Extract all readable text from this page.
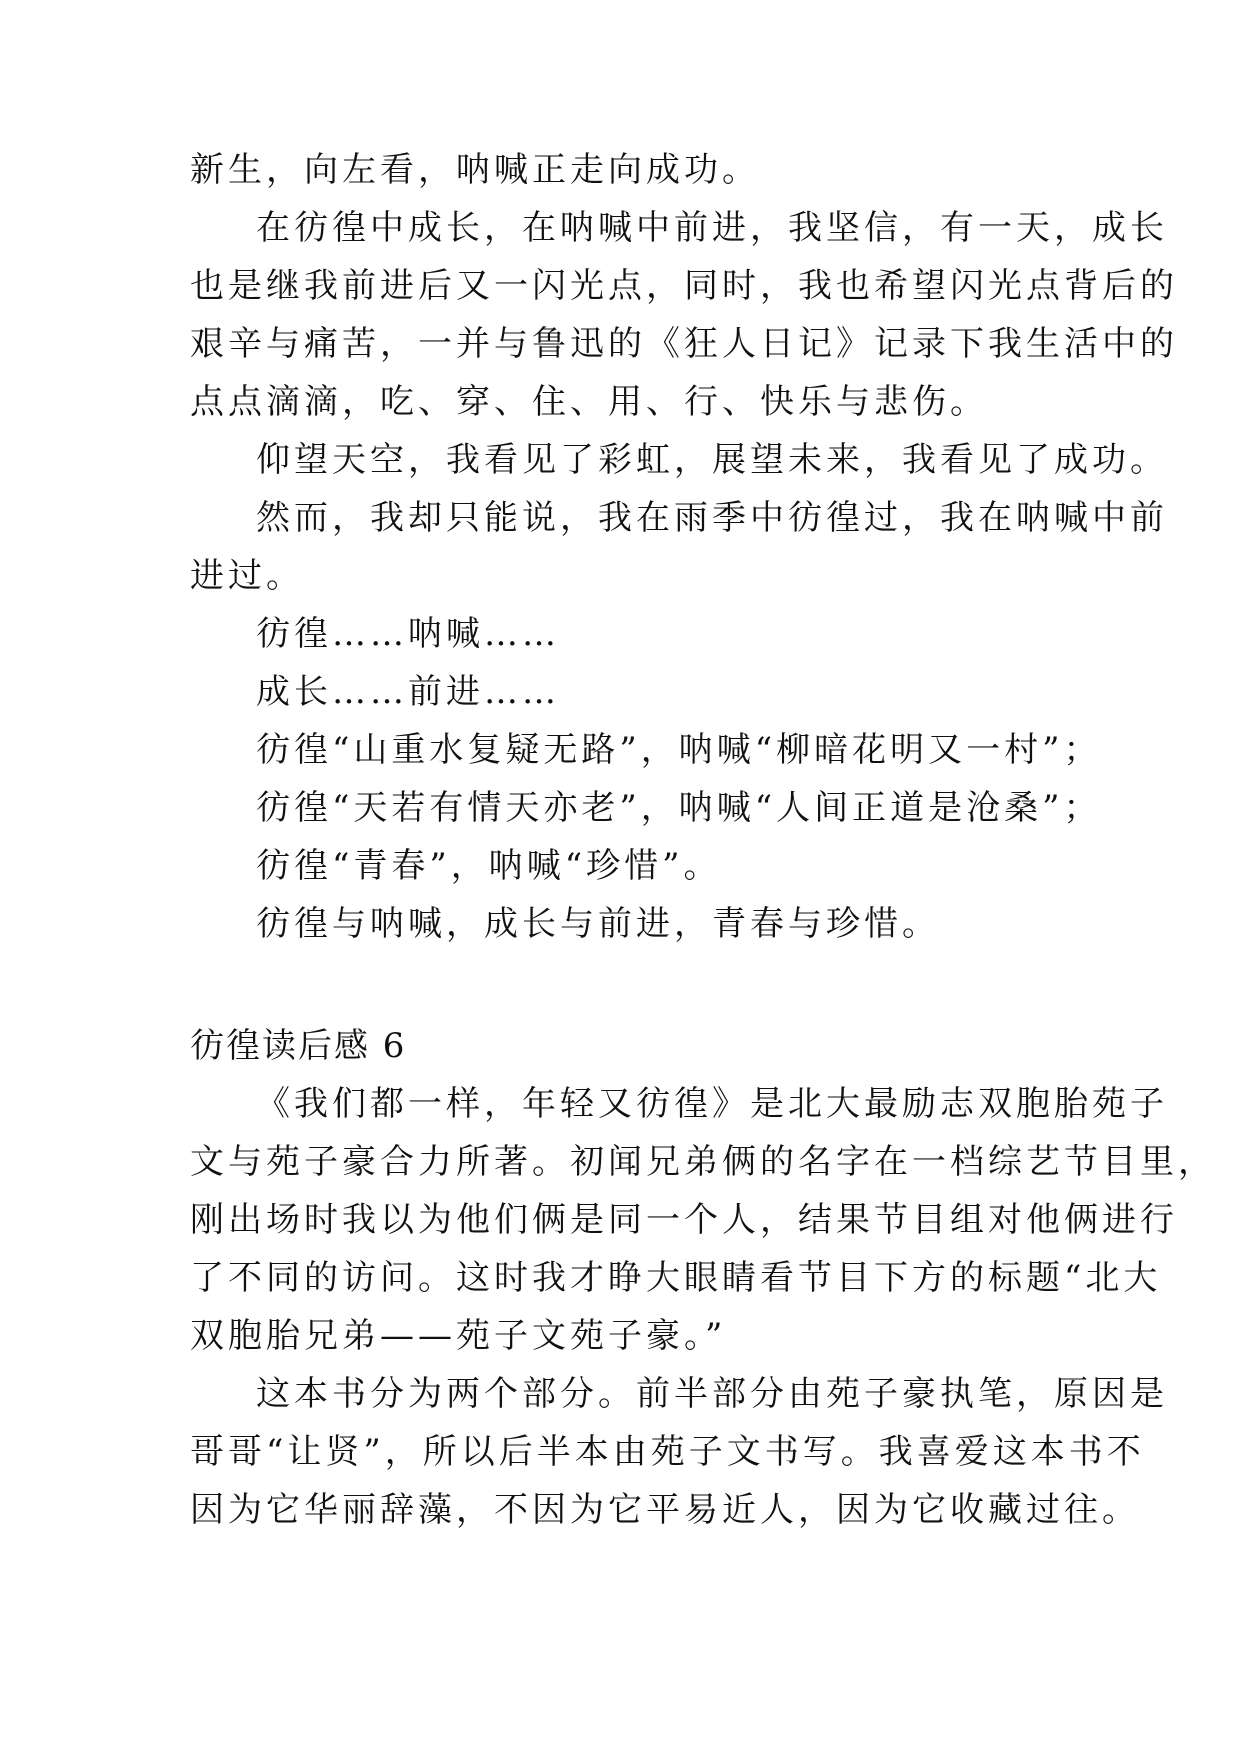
新生，向左看，呐喊正走向成功。
在彷徨中成长，在呐喊中前进，我坚信，有一天，成长
也是继我前进后又一闪光点，同时，我也希望闪光点背后的
艰辛与痛苦，一并与鲁迅的《狂人日记》记录下我生活中的
点点滴滴，吃、穿、住、用、行、快乐与悲伤。
仰望天空，我看见了彩虹，展望未来，我看见了成功。
然而，我却只能说，我在雨季中彷徨过，我在呐喊中前
进过。
彷徨……呐喊……
成长……前进……
彷徨“山重水复疑无路”，呐喊“柳暗花明又一村”；
彷徨“天若有情天亦老”，呐喊“人间正道是沧桑”；
彷徨“青春”，呐喊“珍惜”。
彷徨与呐喊，成长与前进，青春与珍惜。
彷徨读后感 6
《我们都一样，年轻又彷徨》是北大最励志双胞胎苑子
文与苑子豪合力所著。初闻兄弟俩的名字在一档综艺节目里，
刚出场时我以为他们俩是同一个人，结果节目组对他俩进行
了不同的访问。这时我才睁大眼睛看节目下方的标题“北大
双胞胎兄弟——苑子文苑子豪。”
这本书分为两个部分。前半部分由苑子豪执笔，原因是
哥哥“让贤”，所以后半本由苑子文书写。我喜爱这本书不
因为它华丽辞藻，不因为它平易近人，因为它收藏过往。
